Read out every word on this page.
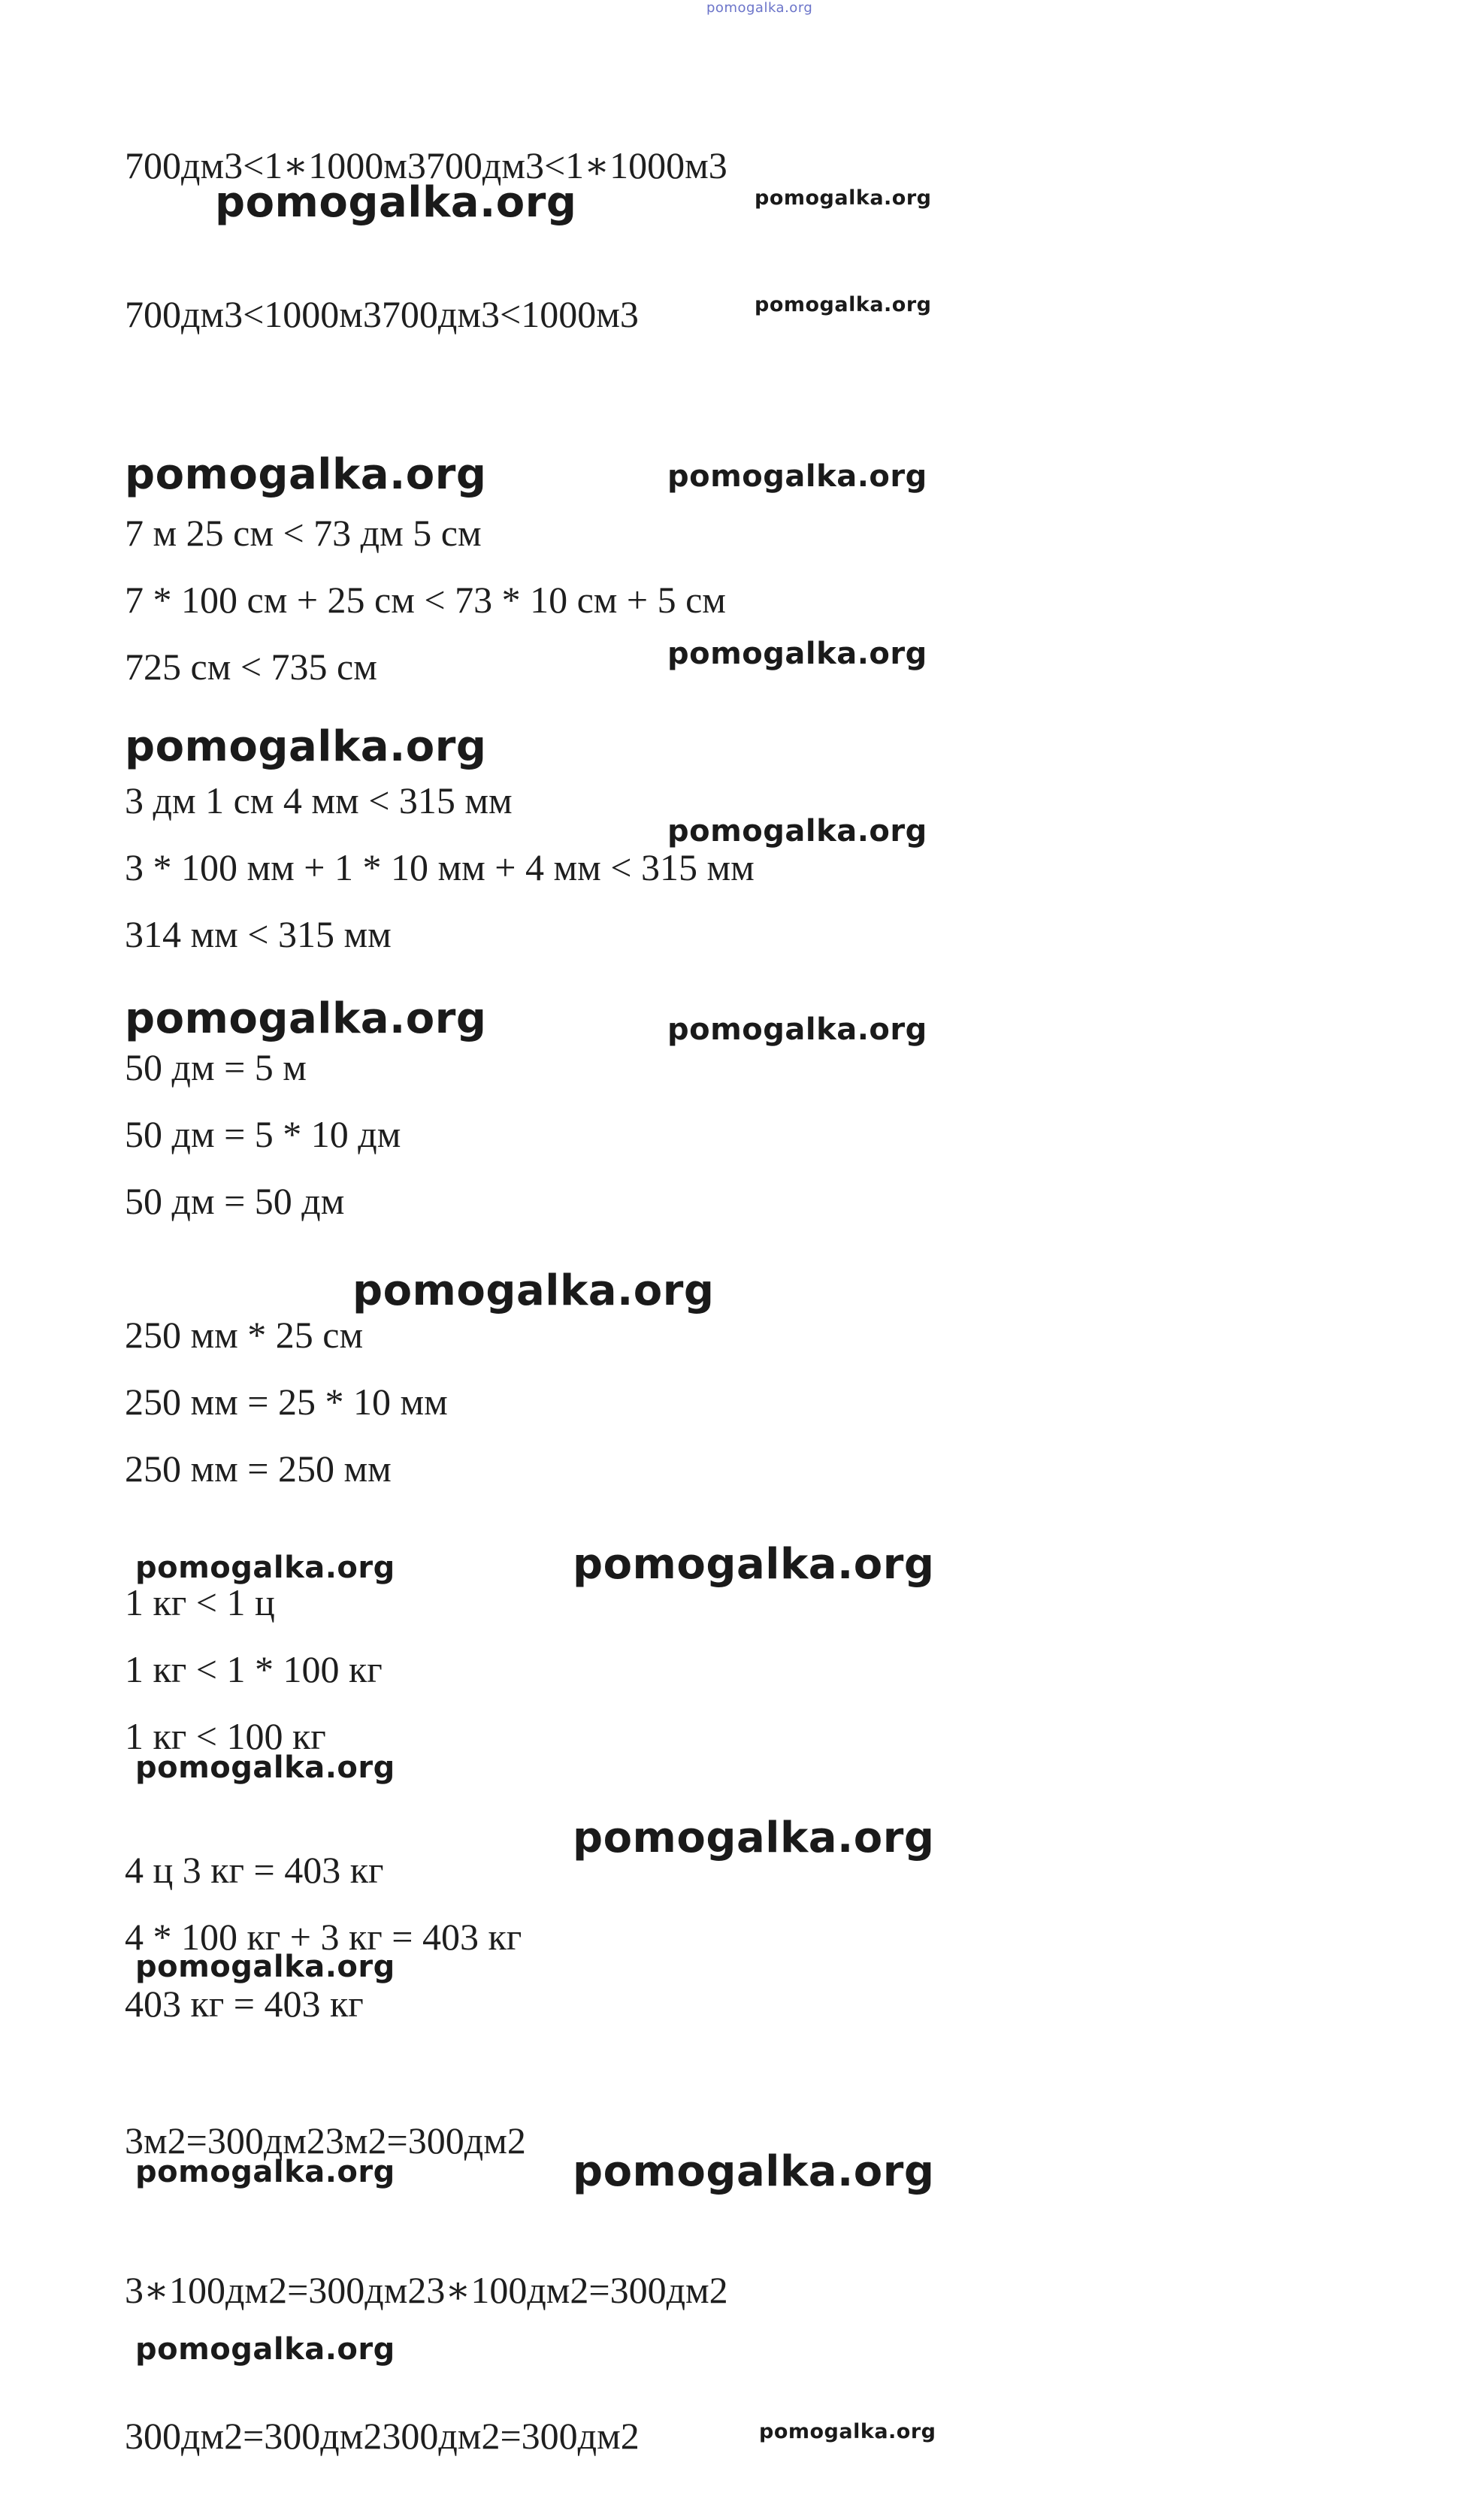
pomogalka.org
700дм3<1∗1000м3700дм3<1∗1000м3
pomogalka.org	pomogalka.org
700дм3<1000м3700дм3<1000м3	pomogalka.org
pomogalka.org	pomogalka.org
7 м 25 см < 73 дм 5 см
7 * 100 см + 25 см < 73 * 10 см + 5 см
pomogalka.org
725 см < 735 см
pomogalka.org
3 дм 1 см 4 мм < 315 мм
pomogalka.org
3 * 100 мм + 1 * 10 мм + 4 мм < 315 мм
314 мм < 315 мм
pomogalka.org	pomogalka.org
50 дм = 5 м
50 дм = 5 * 10 дм
50 дм = 50 дм
pomogalka.org
250 мм * 25 см
250 мм = 25 * 10 мм
250 мм = 250 мм
pomogalka.org	pomogalka.org
1 кг < 1 ц
1 кг < 1 * 100 кг
1 кг < 100 кг
pomogalka.org
pomogalka.org
4 ц 3 кг = 403 кг
4 * 100 кг + 3 кг = 403 кг
pomogalka.org
403 кг = 403 кг
3м2=300дм23м2=300дм2
pomogalka.org	pomogalka.org
3∗100дм2=300дм23∗100дм2=300дм2
pomogalka.org
300дм2=300дм2300дм2=300дм2	pomogalka.org
